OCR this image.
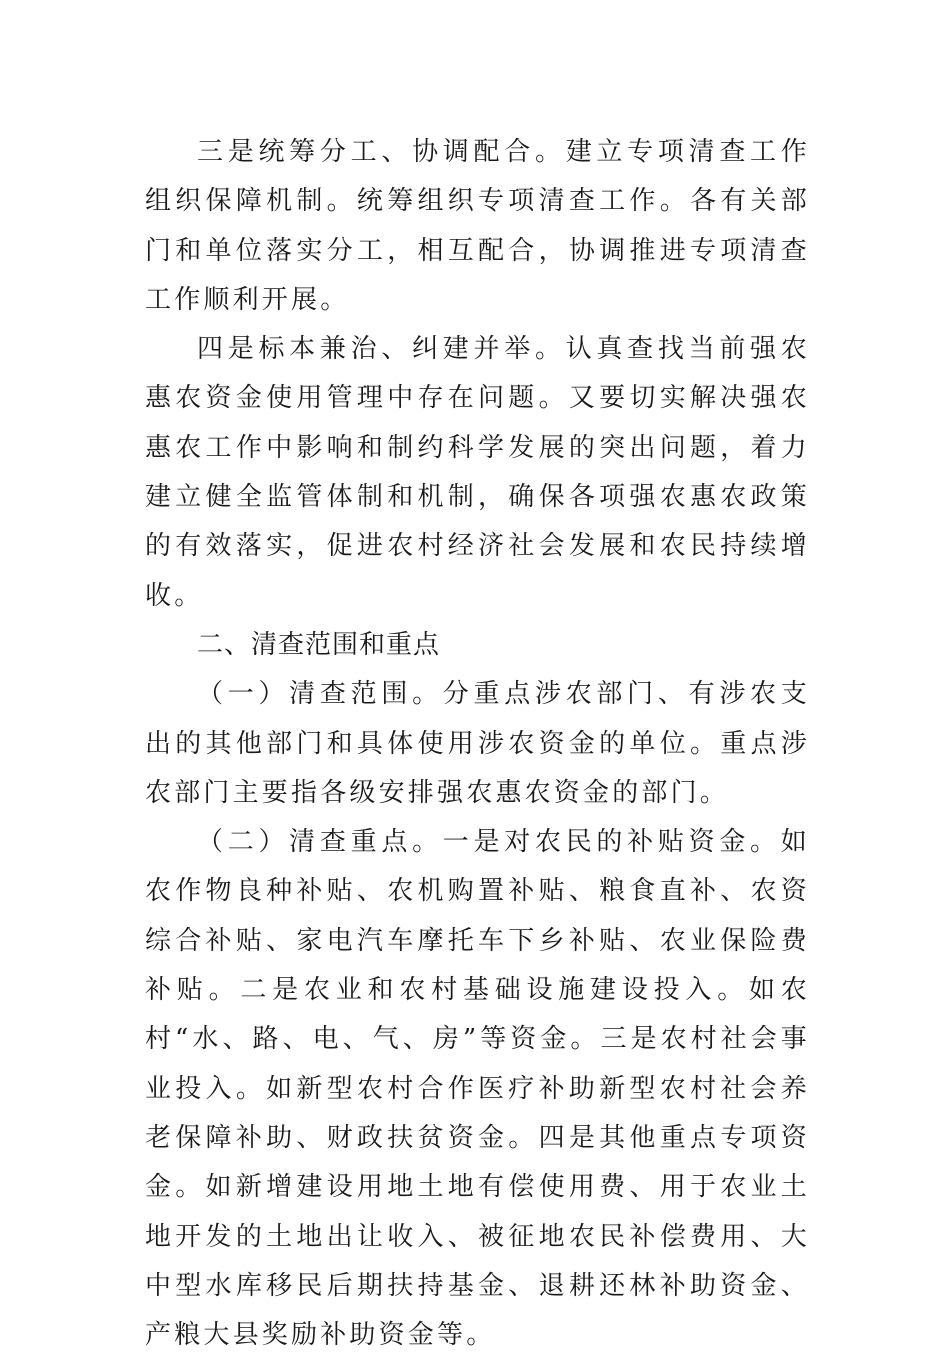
三是统筹分工、协调配合。建立专项清查工作组织保障机制。统筹组织专项清查工作。各有关部门和单位落实分工，相互配合，协调推进专项清查工作顺利开展。

四是标本兼治、纠建并举。认真查找当前强农惠农资金使用管理中存在问题。又要切实解决强农惠农工作中影响和制约科学发展的突出问题，着力建立健全监管体制和机制，确保各项强农惠农政策的有效落实，促进农村经济社会发展和农民持续增收。

二、清查范围和重点

（一）清查范围。分重点涉农部门、有涉农支出的其他部门和具体使用涉农资金的单位。重点涉农部门主要指各级安排强农惠农资金的部门。

（二）清查重点。一是对农民的补贴资金。如农作物良种补贴、农机购置补贴、粮食直补、农资综合补贴、家电汽车摩托车下乡补贴、农业保险费补贴。二是农业和农村基础设施建设投入。如农村“水、路、电、气、房”等资金。三是农村社会事业投入。如新型农村合作医疗补助新型农村社会养老保障补助、财政扶贫资金。四是其他重点专项资金。如新增建设用地土地有偿使用费、用于农业土地开发的土地出让收入、被征地农民补偿费用、大中型水库移民后期扶持基金、退耕还林补助资金、产粮大县奖励补助资金等。
